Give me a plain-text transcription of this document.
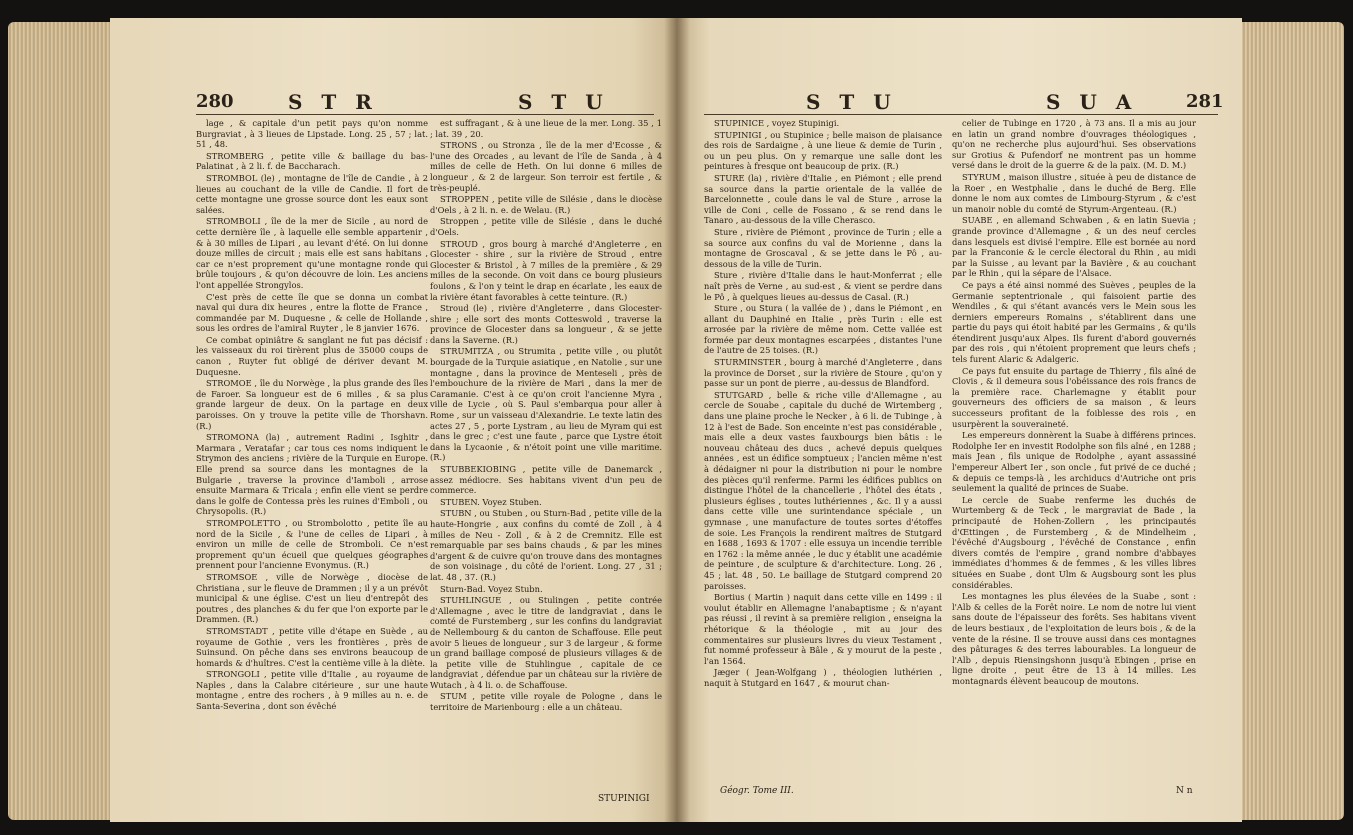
280	S T R	S T U

lage , & capitale d'un petit pays qu'on nomme Burgraviat , à 3 lieues de Lipstade. Long. 25 , 57 ; lat. 51 , 48.

STROMBERG , petite ville & baillage du bas-Palatinat , à 2 li. f. de Baccharach.

STROMBOL (le) , montagne de l'île de Candie , à 2 lieues au couchant de la ville de Candie. Il fort de cette montagne une grosse source dont les eaux sont salées.

STROMBOLI , île de la mer de Sicile , au nord de cette dernière île , à laquelle elle semble appartenir , & à 30 milles de Lipari , au levant d'été. On lui donne douze milles de circuit ; mais elle est sans habitans , car ce n'est proprement qu'une montagne ronde qui brûle toujours , & qu'on découvre de loin. Les anciens l'ont appellée Strongylos.

C'est près de cette île que se donna un combat naval qui dura dix heures , entre la flotte de France , commandée par M. Duquesne , & celle de Hollande , sous les ordres de l'amiral Ruyter , le 8 janvier 1676.

Ce combat opiniâtre & sanglant ne fut pas décisif : les vaisseaux du roi tirèrent plus de 35000 coups de canon , Ruyter fut obligé de dériver devant M. Duquesne.

STROMOE , île du Norwège , la plus grande des îles de Faroer. Sa longueur est de 6 milles , & sa plus grande largeur de deux. On la partage en deux paroisses. On y trouve la petite ville de Thorshavn. (R.)

STROMONA (la) , autrement Radini , Isghitr , Marmara , Veratafar ; car tous ces noms indiquent le Strymon des anciens ; rivière de la Turquie en Europe. Elle prend sa source dans les montagnes de la Bulgarie , traverse la province d'Iamboli , arrose ensuite Marmara & Tricala ; enfin elle vient se perdre dans le golfe de Contessa près les ruines d'Emboli , ou Chrysopolis. (R.)

STROMPOLETTO , ou Strombolotto , petite île au nord de la Sicile , & l'une de celles de Lipari , à environ un mille de celle de Stromboli. Ce n'est proprement qu'un écueil que quelques géographes prennent pour l'ancienne Evonymus. (R.)

STROMSOE , ville de Norwège , diocèse de Christiana , sur le fleuve de Drammen ; il y a un prévôt municipal & une église. C'est un lieu d'entrepôt des poutres , des planches & du fer que l'on exporte par le Drammen. (R.)

STROMSTADT , petite ville d'étape en Suède , au royaume de Gothie , vers les frontières , près de Suinsund. On pêche dans ses environs beaucoup de homards & d'huîtres. C'est la centième ville à la diète.

STRONGOLI , petite ville d'Italie , au royaume de Naples , dans la Calabre citérieure , sur une haute montagne , entre des rochers , à 9 milles au n. e. de Santa-Severina , dont son évêché

est suffragant , & à une lieue de la mer. Long. 35 , 1 ; lat. 39 , 20.

STRONS , ou Stronza , île de la mer d'Ecosse , & l'une des Orcades , au levant de l'île de Sanda , à 4 milles de celle de Heth. On lui donne 6 milles de longueur , & 2 de largeur. Son terroir est fertile , & très-peuplé.

STROPPEN , petite ville de Silésie , dans le diocèse d'Oels , à 2 li. n. e. de Welau. (R.)

Stroppen , petite ville de Silésie , dans le duché d'Oels.

STROUD , gros bourg à marché d'Angleterre , en Glocester - shire , sur la rivière de Stroud , entre Glocester & Bristol , à 7 milles de la première , & 29 milles de la seconde. On voit dans ce bourg plusieurs foulons , & l'on y teint le drap en écarlate , les eaux de la rivière étant favorables à cette teinture. (R.)

Stroud (le) , rivière d'Angleterre , dans Glocester-shire ; elle sort des monts Cotteswold , traverse la province de Glocester dans sa longueur , & se jette dans la Saverne. (R.)

STRUMITZA , ou Strumita , petite ville , ou plutôt bourgade de la Turquie asiatique , en Natolie , sur une montagne , dans la province de Menteseli , près de l'embouchure de la rivière de Mari , dans la mer de Caramanie. C'est à ce qu'on croit l'ancienne Myra , ville de Lycie , où S. Paul s'embarqua pour aller à Rome , sur un vaisseau d'Alexandrie. Le texte latin des actes 27 , 5 , porte Lystram , au lieu de Myram qui est dans le grec ; c'est une faute , parce que Lystre étoit dans la Lycaonie , & n'étoit point une ville maritime. (R.)

STUBBEKIOBING , petite ville de Danemarck , assez médiocre. Ses habitans vivent d'un peu de commerce.

STUBEN. Voyez Stuben.

STUBN , ou Stuben , ou Sturn-Bad , petite ville de la haute-Hongrie , aux confins du comté de Zoll , à 4 milles de Neu - Zoll , & à 2 de Cremnitz. Elle est remarquable par ses bains chauds , & par les mines d'argent & de cuivre qu'on trouve dans des montagnes de son voisinage , du côté de l'orient. Long. 27 , 31 ; lat. 48 , 37. (R.)

Sturn-Bad. Voyez Stubn.

STUHLINGUE , ou Stulingen , petite contrée d'Allemagne , avec le titre de landgraviat , dans le comté de Furstemberg , sur les confins du landgraviat de Nellembourg & du canton de Schaffouse. Elle peut avoir 5 lieues de longueur , sur 3 de largeur , & forme un grand baillage composé de plusieurs villages & de la petite ville de Stuhlingue , capitale de ce landgraviat , défendue par un château sur la rivière de Wutach , à 4 li. o. de Schaffouse.

STUM , petite ville royale de Pologne , dans le territoire de Marienbourg : elle a un château.

STUPINIGI
S T U	S U A	281

STUPINICE , voyez Stupinigi.

STUPINIGI , ou Stupinice ; belle maison de plaisance des rois de Sardaigne , à une lieue & demie de Turin , ou un peu plus. On y remarque une salle dont les peintures à fresque ont beaucoup de prix. (R.)

STURE (la) , rivière d'Italie , en Piémont ; elle prend sa source dans la partie orientale de la vallée de Barcelonnette , coule dans le val de Sture , arrose la ville de Coni , celle de Fossano , & se rend dans le Tanaro , au-dessous de la ville Cherasco.

Sture , rivière de Piémont , province de Turin ; elle a sa source aux confins du val de Morienne , dans la montagne de Groscaval , & se jette dans le Pô , au-dessous de la ville de Turin.

Sture , rivière d'Italie dans le haut-Monferrat ; elle naît près de Verne , au sud-est , & vient se perdre dans le Pô , à quelques lieues au-dessus de Casal. (R.)

Sture , ou Stura ( la vallée de ) , dans le Piémont , en allant du Dauphiné en Italie , près Turin : elle est arrosée par la rivière de même nom. Cette vallée est formée par deux montagnes escarpées , distantes l'une de l'autre de 25 toises. (R.)

STURMINSTER , bourg à marché d'Angleterre , dans la province de Dorset , sur la rivière de Stoure , qu'on y passe sur un pont de pierre , au-dessus de Blandford.

STUTGARD , belle & riche ville d'Allemagne , au cercle de Souabe , capitale du duché de Wirtemberg , dans une plaine proche le Necker , à 6 li. de Tubinge , à 12 à l'est de Bade. Son enceinte n'est pas considérable , mais elle a deux vastes fauxbourgs bien bâtis : le nouveau château des ducs , achevé depuis quelques années , est un édifice somptueux ; l'ancien même n'est à dédaigner ni pour la distribution ni pour le nombre des pièces qu'il renferme. Parmi les édifices publics on distingue l'hôtel de la chancellerie , l'hôtel des états , plusieurs églises , toutes luthériennes , &c. Il y a aussi dans cette ville une surintendance spéciale , un gymnase , une manufacture de toutes sortes d'étoffes de soie. Les François la rendirent maîtres de Stutgard en 1688 , 1693 & 1707 : elle essuya un incendie terrible en 1762 : la même année , le duc y établit une académie de peinture , de sculpture & d'architecture. Long. 26 , 45 ; lat. 48 , 50. Le baillage de Stutgard comprend 20 paroisses.

Bortius ( Martin ) naquit dans cette ville en 1499 : il voulut établir en Allemagne l'anabaptisme ; & n'ayant pas réussi , il revint à sa première religion , enseigna la rhétorique & la théologie , mit au jour des commentaires sur plusieurs livres du vieux Testament , fut nommé professeur à Bâle , & y mourut de la peste , l'an 1564.

Jæger ( Jean-Wolfgang ) , théologien luthérien , naquit à Stutgard en 1647 , & mourut chan-

celier de Tubinge en 1720 , à 73 ans. Il a mis au jour en latin un grand nombre d'ouvrages théologiques , qu'on ne recherche plus aujourd'hui. Ses observations sur Grotius & Pufendorf ne montrent pas un homme versé dans le droit de la guerre & de la paix. (M. D. M.)

STYRUM , maison illustre , située à peu de distance de la Roer , en Westphalie , dans le duché de Berg. Elle donne le nom aux comtes de Limbourg-Styrum , & c'est un manoir noble du comté de Styrum-Argenteau. (R.)

SUABE , en allemand Schwaben , & en latin Suevia ; grande province d'Allemagne , & un des neuf cercles dans lesquels est divisé l'empire. Elle est bornée au nord par la Franconie & le cercle électoral du Rhin , au midi par la Suisse , au levant par la Bavière , & au couchant par le Rhin , qui la sépare de l'Alsace.

Ce pays a été ainsi nommé des Suèves , peuples de la Germanie septentrionale , qui faisoient partie des Wendiles , & qui s'étant avancés vers le Mein sous les derniers empereurs Romains , s'établirent dans une partie du pays qui étoit habité par les Germains , & qu'ils étendirent jusqu'aux Alpes. Ils furent d'abord gouvernés par des rois , qui n'étoient proprement que leurs chefs ; tels furent Alaric & Adalgeric.

Ce pays fut ensuite du partage de Thierry , fils aîné de Clovis , & il demeura sous l'obéissance des rois francs de la première race. Charlemagne y établit pour gouverneurs des officiers de sa maison , & leurs successeurs profitant de la foiblesse des rois , en usurpèrent la souveraineté.

Les empereurs donnèrent la Suabe à différens princes. Rodolphe Ier en investit Rodolphe son fils aîné , en 1288 ; mais Jean , fils unique de Rodolphe , ayant assassiné l'empereur Albert Ier , son oncle , fut privé de ce duché ; & depuis ce temps-là , les archiducs d'Autriche ont pris seulement la qualité de princes de Suabe.

Le cercle de Suabe renferme les duchés de Wurtemberg & de Teck , le margraviat de Bade , la principauté de Hohen-Zollern , les principautés d'Œttingen , de Furstemberg , & de Mindelheim , l'évêché d'Augsbourg , l'évêché de Constance , enfin divers comtés de l'empire , grand nombre d'abbayes immédiates d'hommes & de femmes , & les villes libres situées en Suabe , dont Ulm & Augsbourg sont les plus considérables.

Les montagnes les plus élevées de la Suabe , sont : l'Alb & celles de la Forêt noire. Le nom de notre lui vient sans doute de l'épaisseur des forêts. Ses habitans vivent de leurs bestiaux , de l'exploitation de leurs bois , & de la vente de la résine. Il se trouve aussi dans ces montagnes des pâturages & des terres labourables. La longueur de l'Alb , depuis Riensingshonn jusqu'à Ebingen , prise en ligne droite , peut être de 13 à 14 milles. Les montagnards élèvent beaucoup de moutons.

Géogr. Tome III.	N n
